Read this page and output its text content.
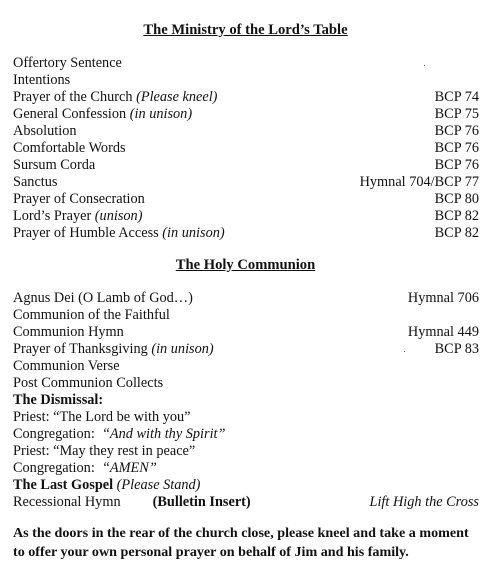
The Ministry of the Lord’s Table
Offertory Sentence
Intentions
Prayer of the Church (Please kneel)	BCP 74
General Confession (in unison)	BCP 75
Absolution	BCP 76
Comfortable Words	BCP 76
Sursum Corda	BCP 76
Sanctus	Hymnal 704/BCP 77
Prayer of Consecration	BCP 80
Lord’s Prayer (unison)	BCP 82
Prayer of Humble Access (in unison)	BCP 82
The Holy Communion
Agnus Dei (O Lamb of God…)	Hymnal 706
Communion of the Faithful
Communion Hymn	Hymnal 449
Prayer of Thanksgiving (in unison)	BCP 83
Communion Verse
Post Communion Collects
The Dismissal:
Priest: “The Lord be with you”
Congregation: “And with thy Spirit”
Priest: “May they rest in peace”
Congregation: “AMEN”
The Last Gospel (Please Stand)
Recessional Hymn (Bulletin Insert)	Lift High the Cross
As the doors in the rear of the church close, please kneel and take a moment
to offer your own personal prayer on behalf of Jim and his family.
